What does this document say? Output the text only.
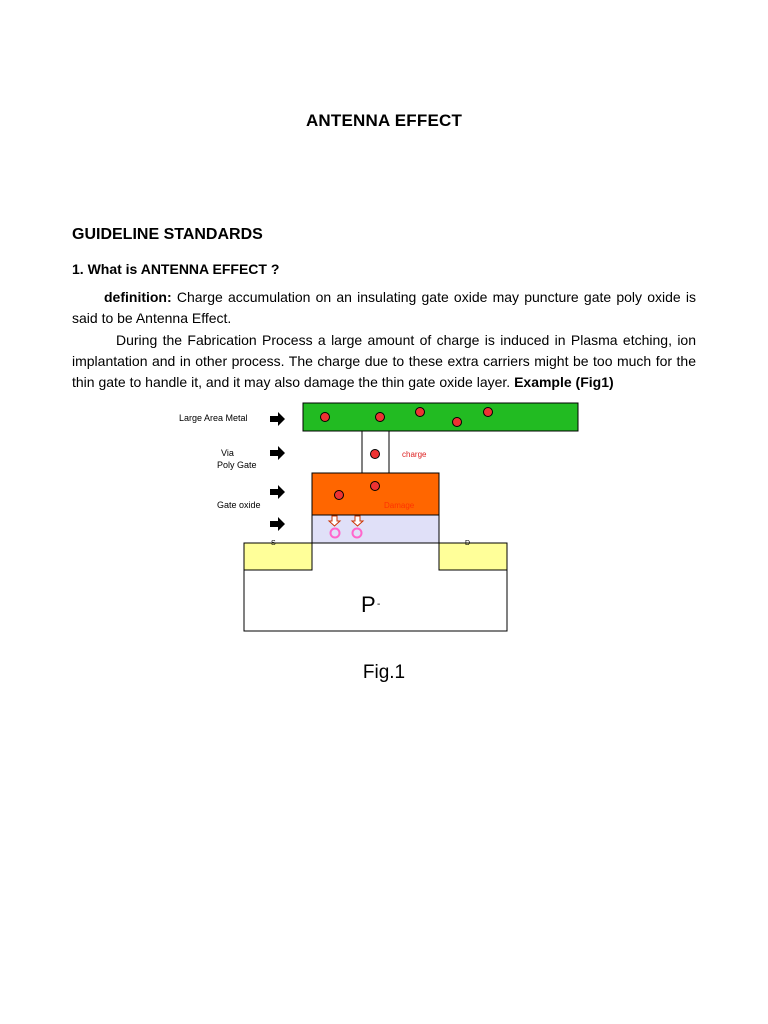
ANTENNA EFFECT
GUIDELINE STANDARDS
1. What is ANTENNA EFFECT ?

definition: Charge accumulation on an insulating gate oxide may puncture gate poly oxide is said to be Antenna Effect.

During the Fabrication Process a large amount of charge is induced in Plasma etching, ion implantation and in other process. The charge due to these extra carriers might be too much for the thin gate to handle it, and it may also damage the thin gate oxide layer. Example (Fig1)

Large Area Metal
Via
Poly Gate
Gate oxide
charge
Damage
S	D
P -
Fig.1
